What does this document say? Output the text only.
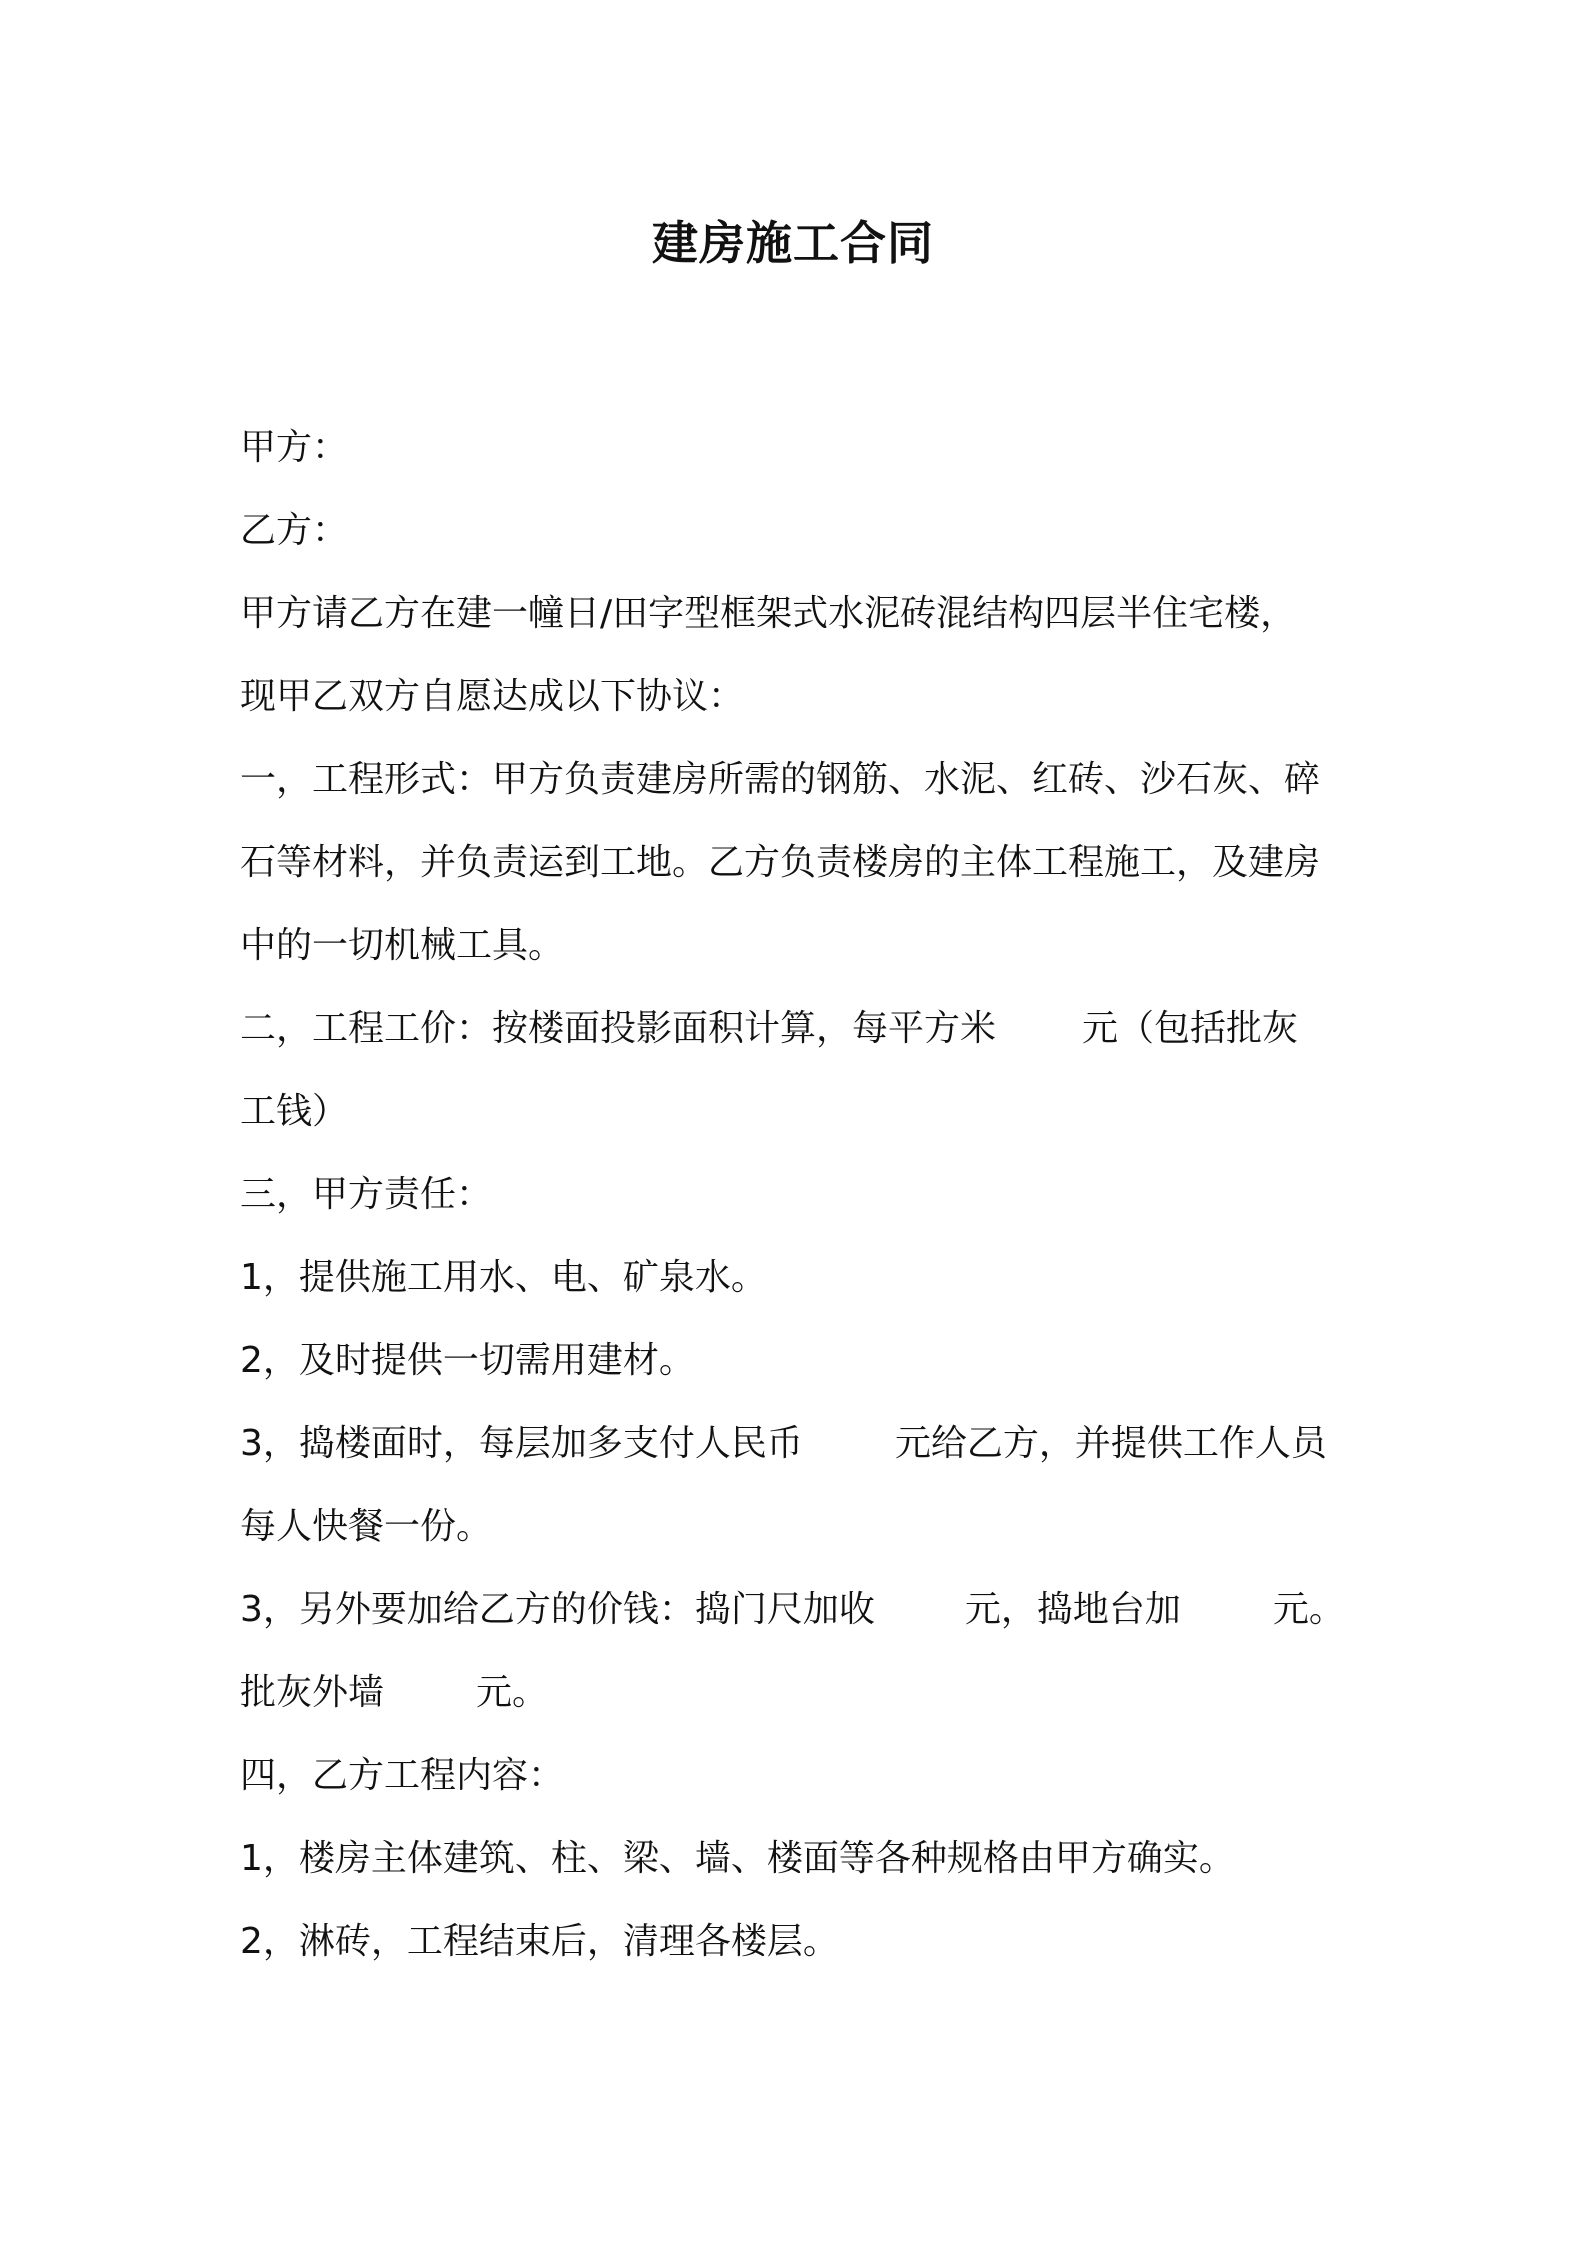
建房施工合同
甲方：
乙方：
甲方请乙方在建一幢日/田字型框架式水泥砖混结构四层半住宅楼，
现甲乙双方自愿达成以下协议：
一，工程形式：甲方负责建房所需的钢筋、水泥、红砖、沙石灰、碎
石等材料，并负责运到工地。乙方负责楼房的主体工程施工，及建房
中的一切机械工具。
二，工程工价：按楼面投影面积计算，每平方米 元（包括批灰
工钱）
三，甲方责任：
1，提供施工用水、电、矿泉水。
2，及时提供一切需用建材。
3，捣楼面时，每层加多支付人民币	元给乙方，并提供工作人员
每人快餐一份。
3，另外要加给乙方的价钱：捣门尺加收	元，捣地台加	元。
批灰外墙	元。
四，乙方工程内容：
1，楼房主体建筑、柱、梁、墙、楼面等各种规格由甲方确实。
2，淋砖，工程结束后，清理各楼层。
